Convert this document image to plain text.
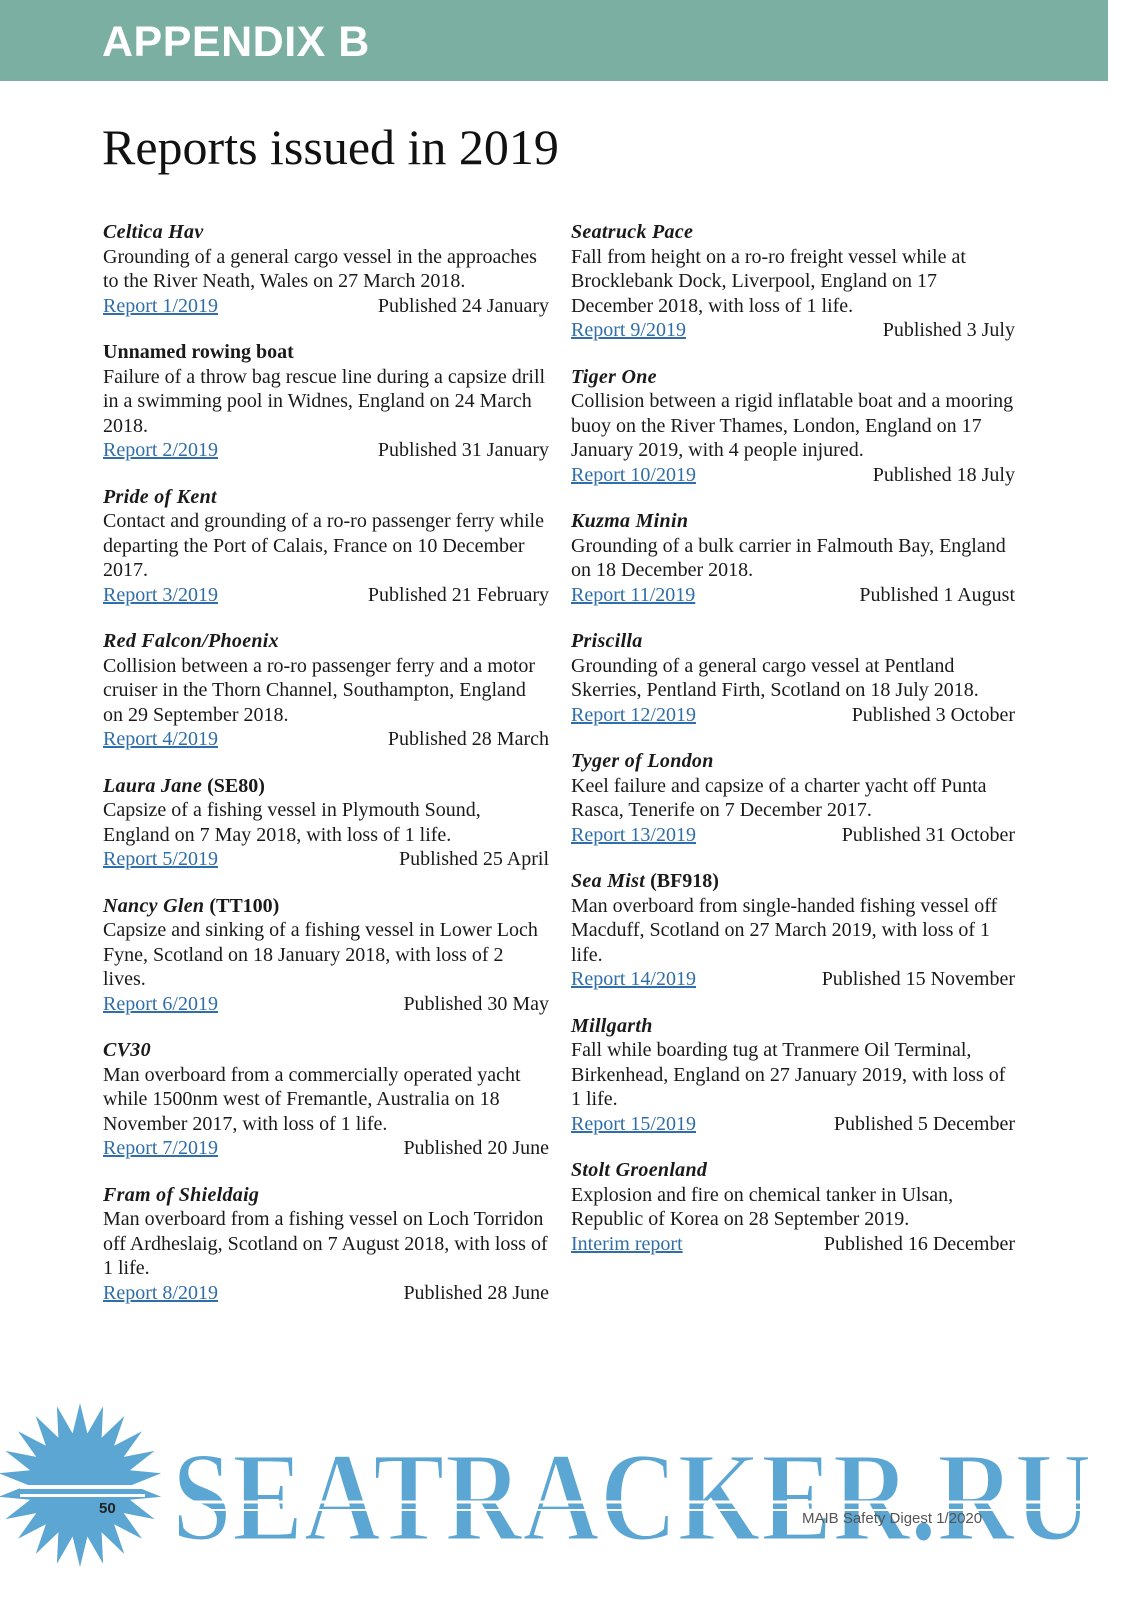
APPENDIX B
Reports issued in 2019
Celtica Hav

Grounding of a general cargo vessel in the approaches to the River Neath, Wales on 27 March 2018.

Report 1/2019	Published 24 January
Unnamed rowing boat

Failure of a throw bag rescue line during a capsize drill in a swimming pool in Widnes, England on 24 March 2018.

Report 2/2019	Published 31 January
Pride of Kent

Contact and grounding of a ro-ro passenger ferry while departing the Port of Calais, France on 10 December 2017.

Report 3/2019	Published 21 February
Red Falcon/Phoenix

Collision between a ro-ro passenger ferry and a motor cruiser in the Thorn Channel, Southampton, England on 29 September 2018.

Report 4/2019	Published 28 March
Laura Jane (SE80)

Capsize of a fishing vessel in Plymouth Sound, England on 7 May 2018, with loss of 1 life.

Report 5/2019	Published 25 April
Nancy Glen (TT100)

Capsize and sinking of a fishing vessel in Lower Loch Fyne, Scotland on 18 January 2018, with loss of 2 lives.

Report 6/2019	Published 30 May
CV30

Man overboard from a commercially operated yacht while 1500nm west of Fremantle, Australia on 18 November 2017, with loss of 1 life.

Report 7/2019	Published 20 June
Fram of Shieldaig

Man overboard from a fishing vessel on Loch Torridon off Ardheslaig, Scotland on 7 August 2018, with loss of 1 life.

Report 8/2019	Published 28 June
Seatruck Pace

Fall from height on a ro-ro freight vessel while at Brocklebank Dock, Liverpool, England on 17 December 2018, with loss of 1 life.

Report 9/2019	Published 3 July
Tiger One

Collision between a rigid inflatable boat and a mooring buoy on the River Thames, London, England on 17 January 2019, with 4 people injured.

Report 10/2019	Published 18 July
Kuzma Minin

Grounding of a bulk carrier in Falmouth Bay, England on 18 December 2018.

Report 11/2019	Published 1 August
Priscilla

Grounding of a general cargo vessel at Pentland Skerries, Pentland Firth, Scotland on 18 July 2018.

Report 12/2019	Published 3 October
Tyger of London

Keel failure and capsize of a charter yacht off Punta Rasca, Tenerife on 7 December 2017.

Report 13/2019	Published 31 October
Sea Mist (BF918)

Man overboard from single-handed fishing vessel off Macduff, Scotland on 27 March 2019, with loss of 1 life.

Report 14/2019	Published 15 November
Millgarth

Fall while boarding tug at Tranmere Oil Terminal, Birkenhead, England on 27 January 2019, with loss of 1 life.

Report 15/2019	Published 5 December
Stolt Groenland

Explosion and fire on chemical tanker in Ulsan, Republic of Korea on 28 September 2019.

Interim report	Published 16 December
SEATRACKER.RU
50
MAIB Safety Digest 1/2020
